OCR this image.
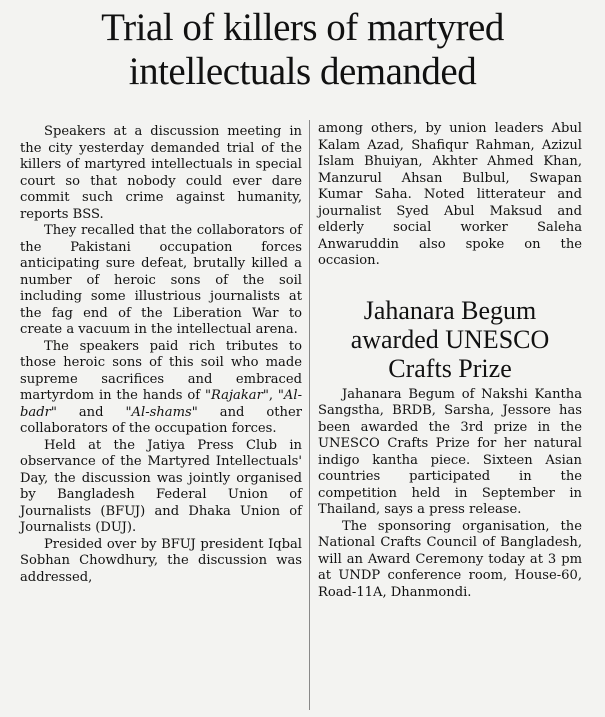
Trial of killers of martyred
intellectuals demanded

Speakers at a discussion meeting in the city yesterday demanded trial of the killers of martyred intellectuals in special court so that nobody could ever dare commit such crime against humanity, reports BSS.

They recalled that the collaborators of the Pakistani occupation forces anticipating sure defeat, brutally killed a number of heroic sons of the soil including some illustrious journalists at the fag end of the Liberation War to create a vacuum in the intellectual arena.

The speakers paid rich tributes to those heroic sons of this soil who made supreme sacrifices and embraced martyrdom in the hands of "Rajakar", "Al-badr" and "Al-shams" and other collaborators of the occupation forces.

Held at the Jatiya Press Club in observance of the Martyred Intellectuals' Day, the discussion was jointly organised by Bangladesh Federal Union of Journalists (BFUJ) and Dhaka Union of Journalists (DUJ).

Presided over by BFUJ president Iqbal Sobhan Chowdhury, the discussion was addressed,

among others, by union leaders Abul Kalam Azad, Shafiqur Rahman, Azizul Islam Bhuiyan, Akhter Ahmed Khan, Manzurul Ahsan Bulbul, Swapan Kumar Saha. Noted litterateur and journalist Syed Abul Maksud and elderly social worker Saleha Anwaruddin also spoke on the occasion.

Jahanara Begum
awarded UNESCO
Crafts Prize

Jahanara Begum of Nakshi Kantha Sangstha, BRDB, Sarsha, Jessore has been awarded the 3rd prize in the UNESCO Crafts Prize for her natural indigo kantha piece. Sixteen Asian countries participated in the competition held in September in Thailand, says a press release.

The sponsoring organisation, the National Crafts Council of Bangladesh, will an Award Ceremony today at 3 pm at UNDP conference room, House-60, Road-11A, Dhanmondi.
